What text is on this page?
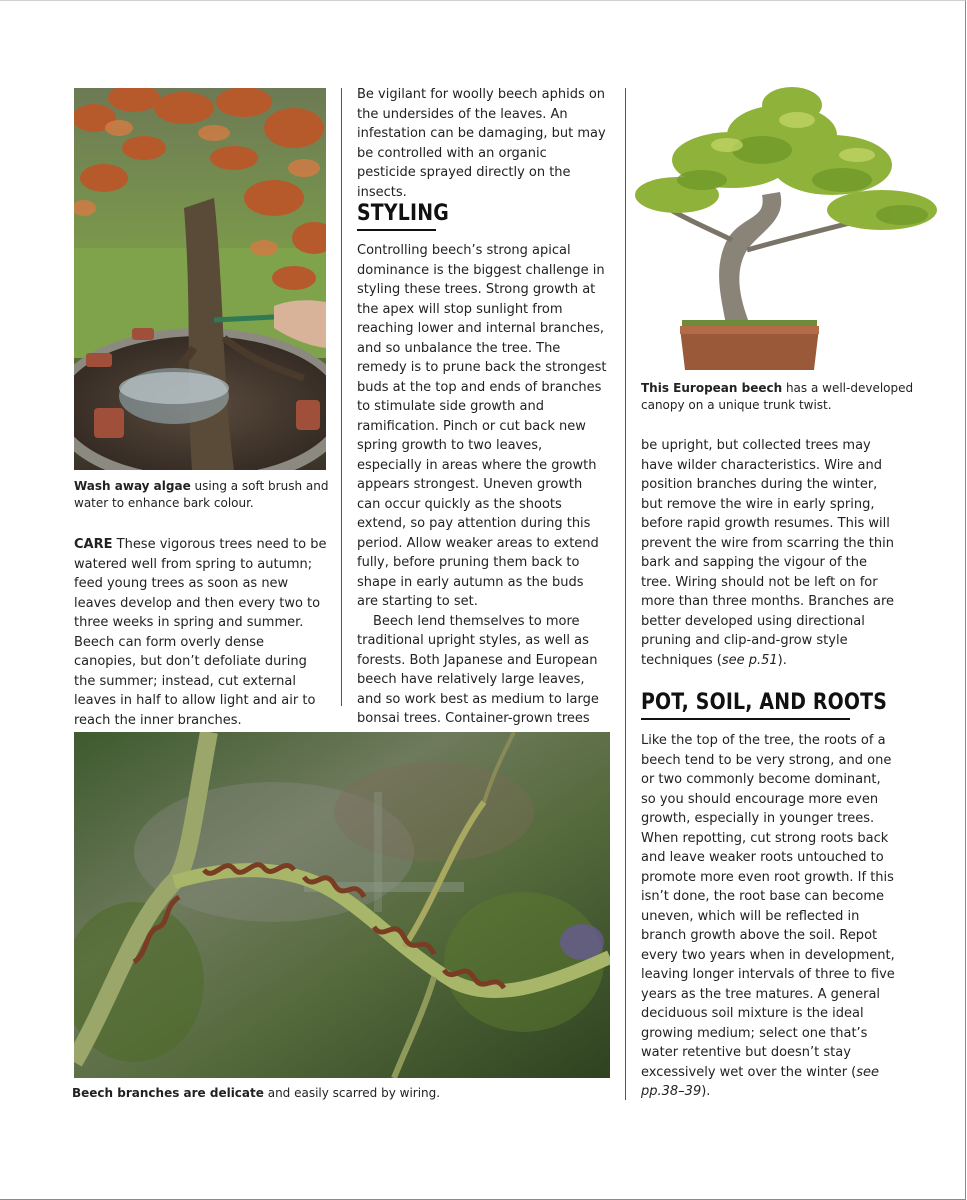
Wash away algae using a soft brush and water to enhance bark colour.

CARE These vigorous trees need to be watered well from spring to autumn; feed young trees as soon as new leaves develop and then every two to three weeks in spring and summer. Beech can form overly dense canopies, but don’t defoliate during the summer; instead, cut external leaves in half to allow light and air to reach the inner branches.

Be vigilant for woolly beech aphids on the undersides of the leaves. An infestation can be damaging, but may be controlled with an organic pesticide sprayed directly on the insects.

STYLING

Controlling beech’s strong apical dominance is the biggest challenge in styling these trees. Strong growth at the apex will stop sunlight from reaching lower and internal branches, and so unbalance the tree. The remedy is to prune back the strongest buds at the top and ends of branches to stimulate side growth and ramification. Pinch or cut back new spring growth to two leaves, especially in areas where the growth appears strongest. Uneven growth can occur quickly as the shoots extend, so pay attention during this period. Allow weaker areas to extend fully, before pruning them back to shape in early autumn as the buds are starting to set.

Beech lend themselves to more traditional upright styles, as well as forests. Both Japanese and European beech have relatively large leaves, and so work best as medium to large bonsai trees. Container-grown trees

This European beech has a well-developed canopy on a unique trunk twist.

be upright, but collected trees may have wilder characteristics. Wire and position branches during the winter, but remove the wire in early spring, before rapid growth resumes. This will prevent the wire from scarring the thin bark and sapping the vigour of the tree. Wiring should not be left on for more than three months. Branches are better developed using directional pruning and clip-and-grow style techniques (see p.51).

POT, SOIL, AND ROOTS

Like the top of the tree, the roots of a beech tend to be very strong, and one or two commonly become dominant, so you should encourage more even growth, especially in younger trees. When repotting, cut strong roots back and leave weaker roots untouched to promote more even root growth. If this isn’t done, the root base can become uneven, which will be reflected in branch growth above the soil. Repot every two years when in development, leaving longer intervals of three to five years as the tree matures. A general deciduous soil mixture is the ideal growing medium; select one that’s water retentive but doesn’t stay excessively wet over the winter (see pp.38–39).

Beech branches are delicate and easily scarred by wiring.
